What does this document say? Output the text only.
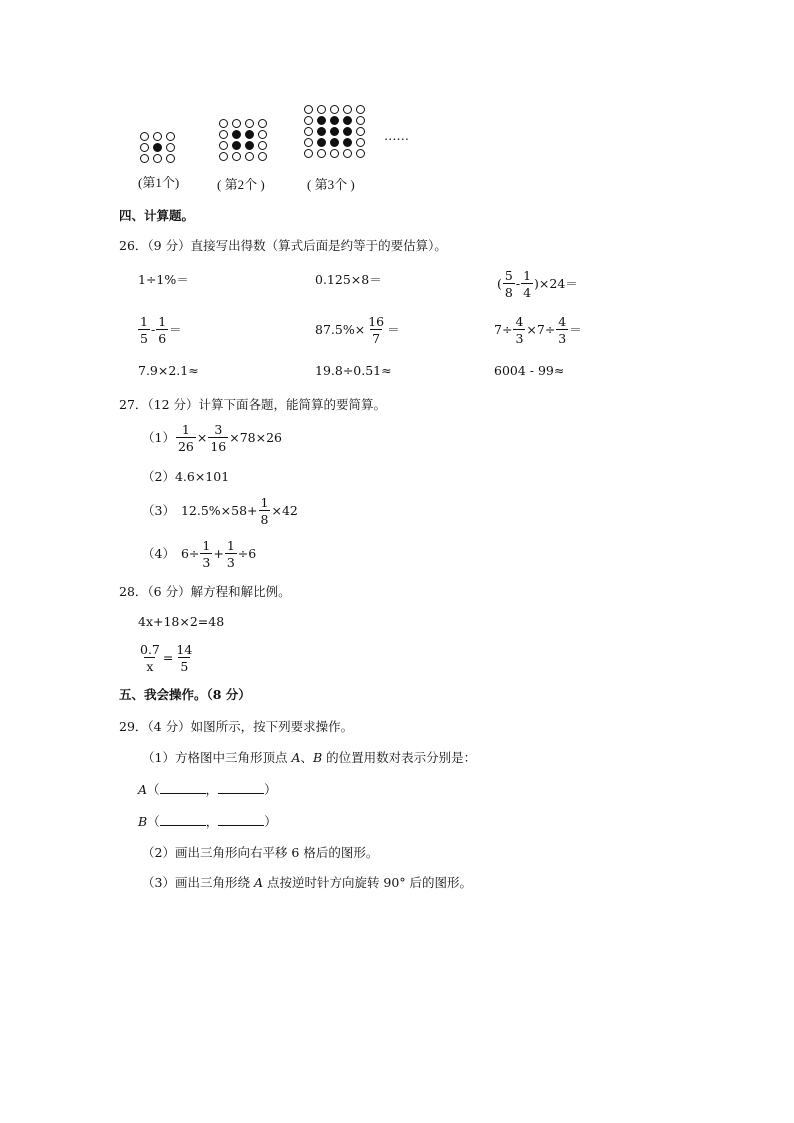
……
(第1个)	( 第2个 )	( 第3个 )
四、计算题。
26．（9 分）直接写出得数（算式后面是约等于的要估算）。
1÷1%＝	0.125×8＝	( $\frac{5}{8} - \frac{1}{4}$ ) ×24＝
$\frac{1}{5} - \frac{1}{6}$ ＝	$87.5\%\times \frac{16}{7}$ ＝	$7\div \frac{4}{3} \times 7\div \frac{4}{3}$ ＝
7.9×2.1≈	19.8÷0.51≈	6004 - 99≈
27．（12 分）计算下面各题，能简算的要简算。
$(1) \frac{1}{26} \times \frac{3}{16} \times 78\times 26$
（2） 4.6×101
（3） $12.5\%\times 58+ \frac{1}{8} \times 42$
（4） $6\div \frac{1}{3} + \frac{1}{3} \div 6$
28．（6 分）解方程和解比例。
4x+18×2=48
$\frac{0.7}{x} = \frac{14}{5}$
五、我会操作。（8 分）
29．（4 分）如图所示，按下列要求操作。
（1）方格图中三角形顶点 A、B 的位置用数对表示分别是：
A（	，	）
B（	，	）
（2）画出三角形向右平移 6 格后的图形。
（3）画出三角形绕 A 点按逆时针方向旋转 90° 后的图形。
